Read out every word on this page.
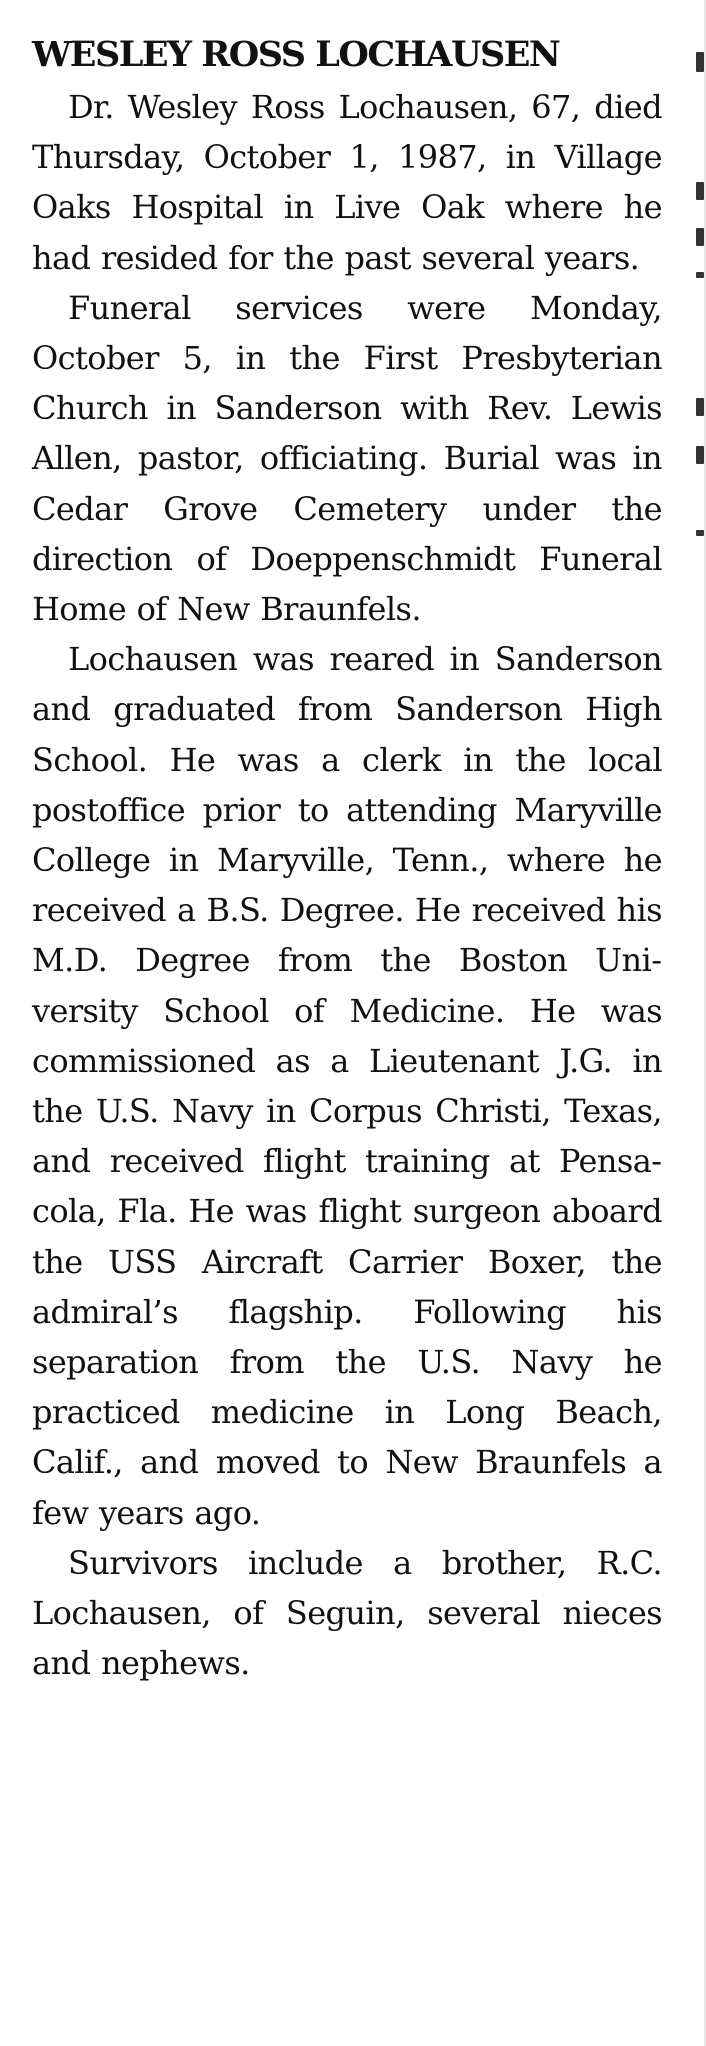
WESLEY ROSS LOCHAUSEN

Dr. Wesley Ross Lochausen, 67, died Thursday, October 1, 1987, in Village Oaks Hospital in Live Oak where he had resided for the past several years.

Funeral services were Monday, October 5, in the First Presbyterian Church in Sanderson with Rev. Lewis Allen, pastor, officiating. Burial was in Cedar Grove Cemetery under the direction of Doeppenschmidt Funeral Home of New Braunfels.

Lochausen was reared in Sanderson and graduated from Sanderson High School. He was a clerk in the local postoffice prior to attending Maryville College in Maryville, Tenn., where he received a B.S. Degree. He received his M.D. Degree from the Boston University School of Medicine. He was commissioned as a Lieutenant J.G. in the U.S. Navy in Corpus Christi, Texas, and received flight training at Pensacola, Fla. He was flight surgeon aboard the USS Aircraft Carrier Boxer, the admiral’s flagship. Following his separation from the U.S. Navy he practiced medicine in Long Beach, Calif., and moved to New Braunfels a few years ago.

Survivors include a brother, R.C. Lochausen, of Seguin, several nieces and nephews.
